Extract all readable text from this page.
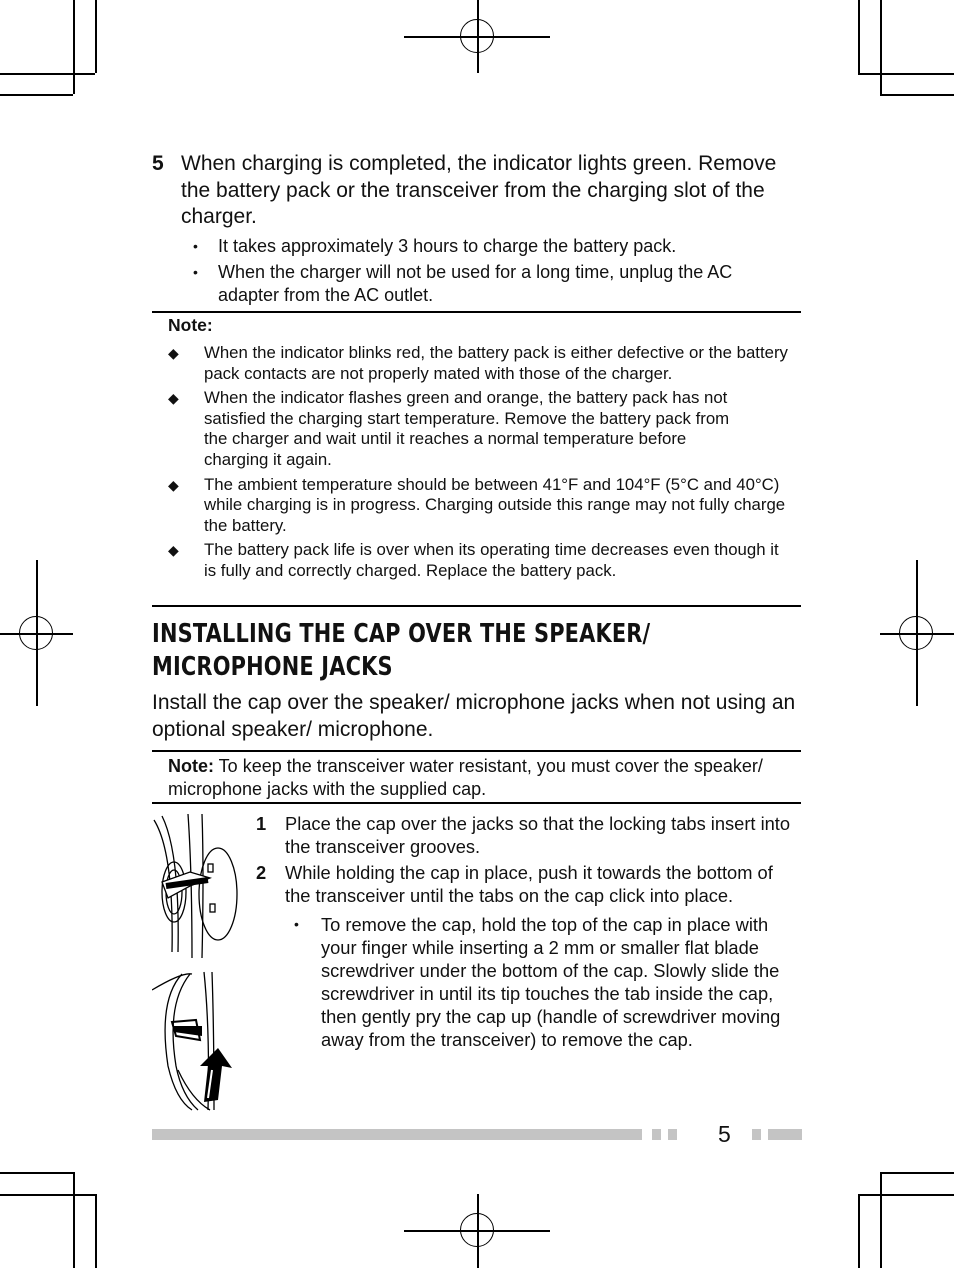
5 When charging is completed, the indicator lights green. Remove the battery pack or the transceiver from the charging slot of the charger.
• It takes approximately 3 hours to charge the battery pack.
• When the charger will not be used for a long time, unplug the AC adapter from the AC outlet.
Note:
◆ When the indicator blinks red, the battery pack is either defective or the battery pack contacts are not properly mated with those of the charger.
◆ When the indicator flashes green and orange, the battery pack has not satisfied the charging start temperature. Remove the battery pack from the charger and wait until it reaches a normal temperature before charging it again.
◆ The ambient temperature should be between 41°F and 104°F (5°C and 40°C) while charging is in progress. Charging outside this range may not fully charge the battery.
◆ The battery pack life is over when its operating time decreases even though it is fully and correctly charged. Replace the battery pack.
INSTALLING THE CAP OVER THE SPEAKER/
MICROPHONE JACKS
Install the cap over the speaker/ microphone jacks when not using an optional speaker/ microphone.
Note: To keep the transceiver water resistant, you must cover the speaker/ microphone jacks with the supplied cap.
1 Place the cap over the jacks so that the locking tabs insert into the transceiver grooves.
2 While holding the cap in place, push it towards the bottom of the transceiver until the tabs on the cap click into place.
• To remove the cap, hold the top of the cap in place with your finger while inserting a 2 mm or smaller flat blade screwdriver under the bottom of the cap. Slowly slide the screwdriver in until its tip touches the tab inside the cap, then gently pry the cap up (handle of screwdriver moving away from the transceiver) to remove the cap.
5
